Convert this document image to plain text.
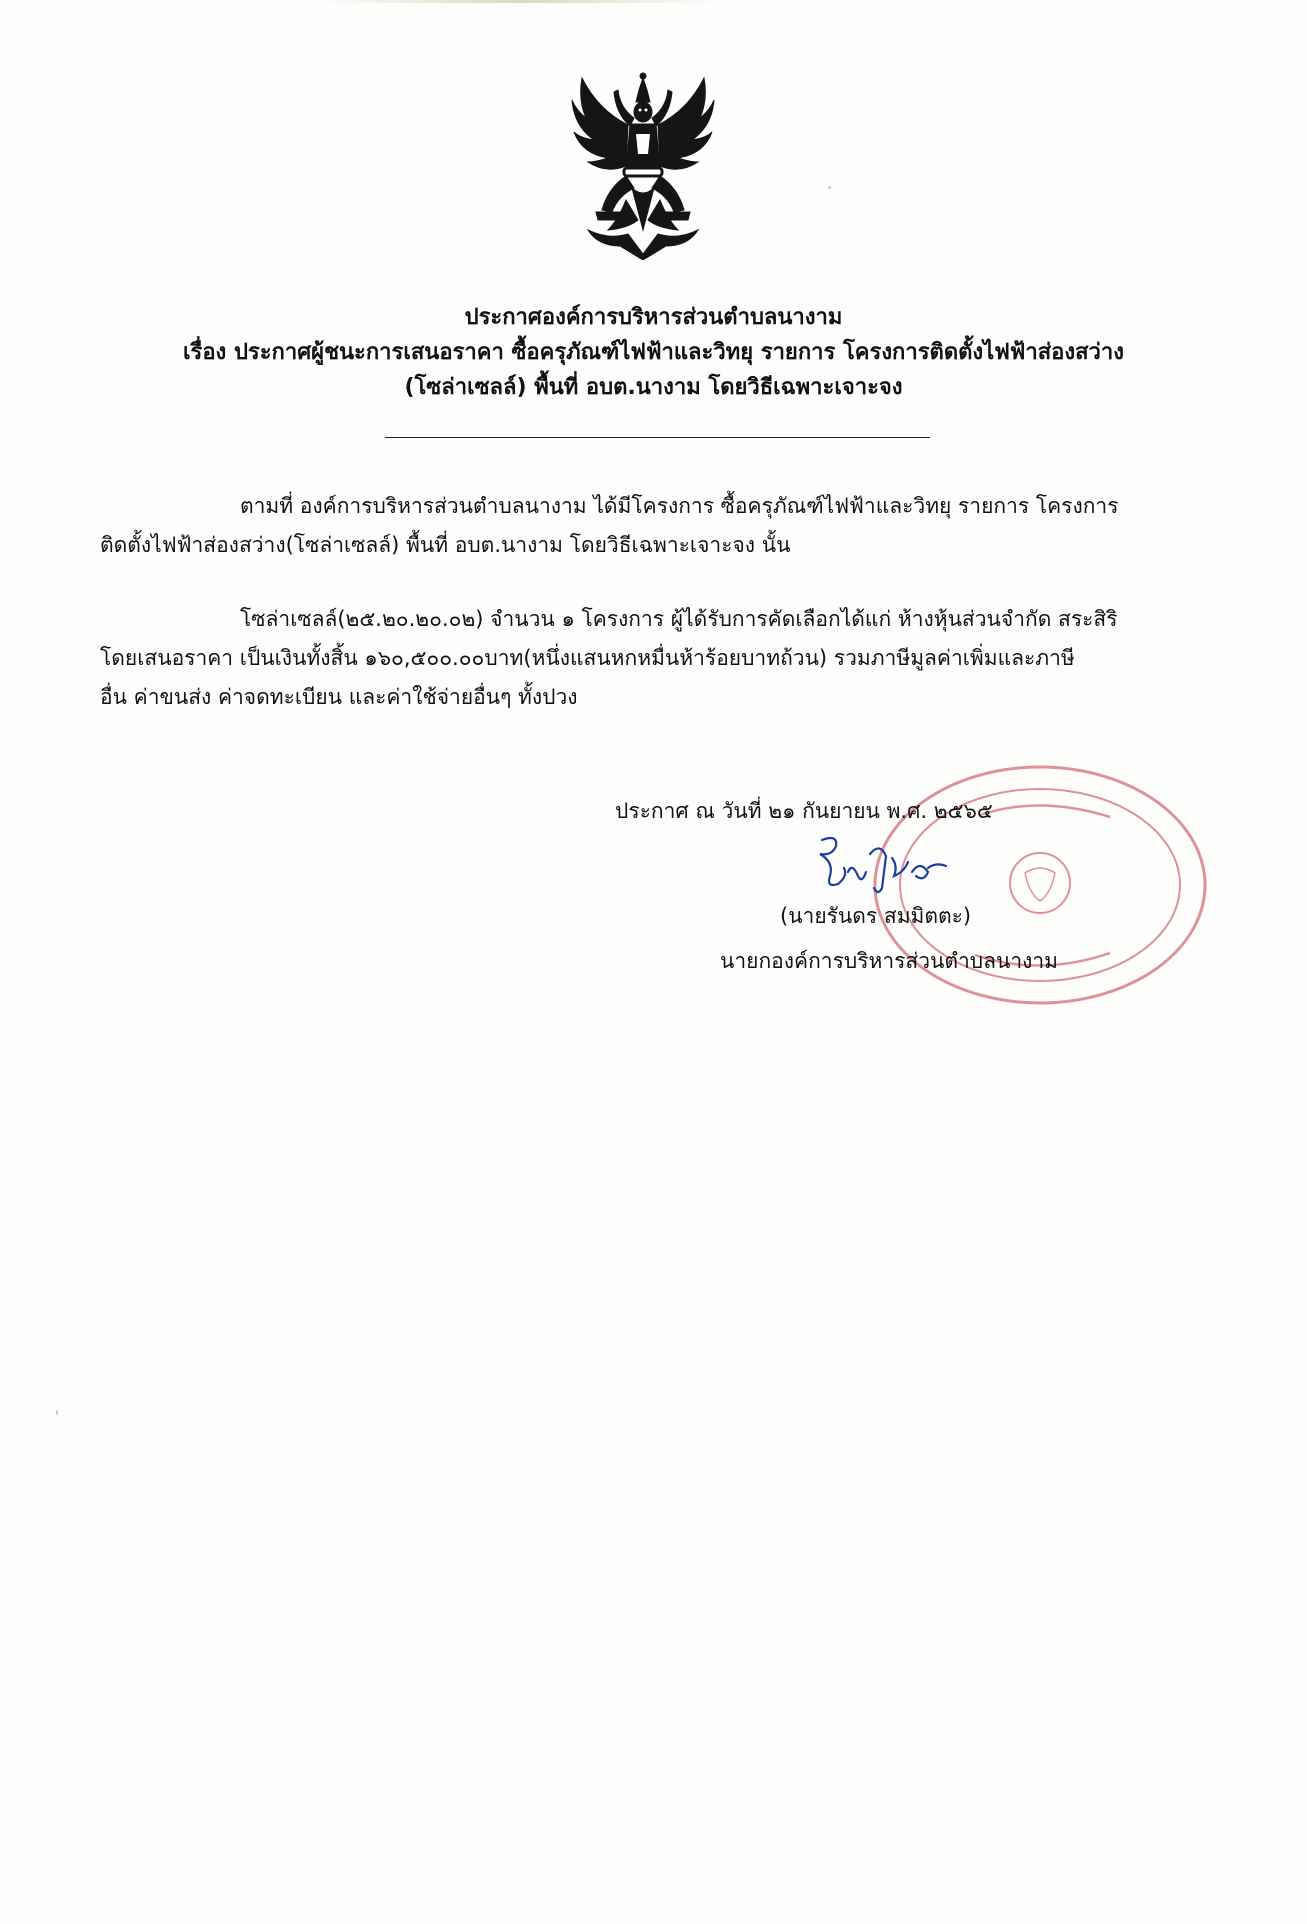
ประกาศองค์การบริหารส่วนตำบลนางาม
เรื่อง ประกาศผู้ชนะการเสนอราคา ซื้อครุภัณฑ์ไฟฟ้าและวิทยุ รายการ โครงการติดตั้งไฟฟ้าส่องสว่าง
(โซล่าเซลล์) พื้นที่ อบต.นางาม โดยวิธีเฉพาะเจาะจง
ตามที่ องค์การบริหารส่วนตำบลนางาม ได้มีโครงการ ซื้อครุภัณฑ์ไฟฟ้าและวิทยุ รายการ โครงการ
ติดตั้งไฟฟ้าส่องสว่าง(โซล่าเซลล์) พื้นที่ อบต.นางาม โดยวิธีเฉพาะเจาะจง นั้น
โซล่าเซลล์(๒๕.๒๐.๒๐.๐๒) จำนวน ๑ โครงการ ผู้ได้รับการคัดเลือกได้แก่ ห้างหุ้นส่วนจำกัด สระสิริ
โดยเสนอราคา เป็นเงินทั้งสิ้น ๑๖๐,๕๐๐.๐๐บาท(หนึ่งแสนหกหมื่นห้าร้อยบาทถ้วน) รวมภาษีมูลค่าเพิ่มและภาษี
อื่น ค่าขนส่ง ค่าจดทะเบียน และค่าใช้จ่ายอื่นๆ ทั้งปวง
ประกาศ ณ วันที่ ๒๑ กันยายน พ.ศ. ๒๕๖๕
(นายรันดร สมมิตตะ)
นายกองค์การบริหารส่วนตำบลนางาม
